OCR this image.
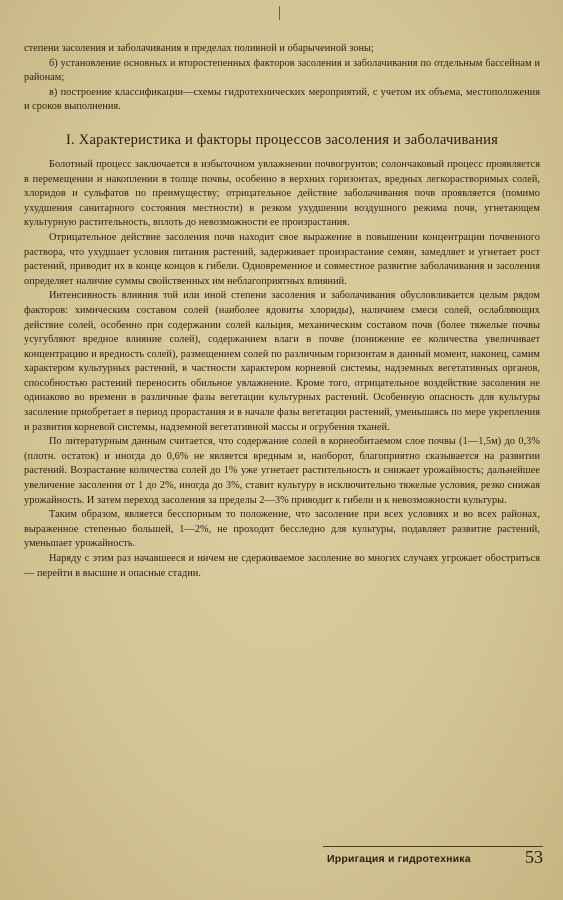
степени засоления и заболачивания в пределах поливной и обарычеиной зоны;

б) установление основных и второстепенных факторов засоления и заболачивания по отдельным бассейнам и районам;

в) построение классификации—схемы гидротехнических мероприятий, с учетом их объема, местоположения и сроков выполнения.

I. Характеристика и факторы процессов засоления и заболачивания

Болотный процесс заключается в избыточном увлажнении почвогрунтов; солончаковый процесс проявляется в перемещении и накоплении в толще почвы, особенно в верхних горизонтах, вредных легкорастворимых солей, хлоридов и сульфатов по преимуществу; отрицательное действие заболачивания почв проявляется (помимо ухудшения санитарного состояния местности) в резком ухудшении воздушного режима почв, угнетающем культурную растительность, вплоть до невозможности ее произрастания.

Отрицательное действие засоления почв находит свое выражение в повышении концентрации почвенного раствора, что ухудшает условия питания растений, задерживает произрастание семян, замедляет и угнетает рост растений, приводит их в конце концов к гибели. Одновременное и совместное развитие заболачивания и засоления определяет наличие суммы свойственных им неблагоприятных влияний.

Интенсивность влияния той или иной степени засоления и заболачивания обусловливается целым рядом факторов: химическим составом солей (наиболее ядовиты хлориды), наличием смеси солей, ослабляющих действие солей, особенно при содержании солей кальция, механическим составом почв (более тяжелые почвы усугубляют вредное влияние солей), содержанием влаги в почве (понижение ее количества увеличивает концентрацию и вредность солей), размещением солей по различным горизонтам в данный момент, наконец, самим характером культурных растений, в частности характером корневой системы, надземных вегетативных органов, способностью растений переносить обильное увлажнение. Кроме того, отрицательное воздействие засоления не одинаково во времени в различные фазы вегетации культурных растений. Особенную опасность для культуры засоление приобретает в период прорастания и в начале фазы вегетации растений, уменьшаясь по мере укрепления и развития корневой системы, надземной вегетативной массы и огрубения тканей.

По литературным данным считается, что содержание солей в корнеобитаемом слое почвы (1—1,5м) до 0,3% (плотн. остаток) и иногда до 0,6% не является вредным и, наоборот, благоприятно сказывается на развитии растений. Возрастание количества солей до 1% уже угнетает растительность и снижает урожайность; дальнейшее увеличение засоления от 1 до 2%, иногда до 3%, ставит культуру в исключительно тяжелые условия, резко снижая урожайность. И затем переход засоления за пределы 2—3% приводит к гибели и к невозможности культуры.

Таким образом, является бесспорным то положение, что засоление при всех условиях и во всех районах, выраженное степенью большей, 1—2%, не проходит бесследно для культуры, подавляет развитие растений, уменьшает урожайность.

Наряду с этим раз начавшееся и ничем не сдерживаемое засоление во многих случаях угрожает обостриться — перейти в высшие и опасные стадии.

Ирригация и гидротехника	53
